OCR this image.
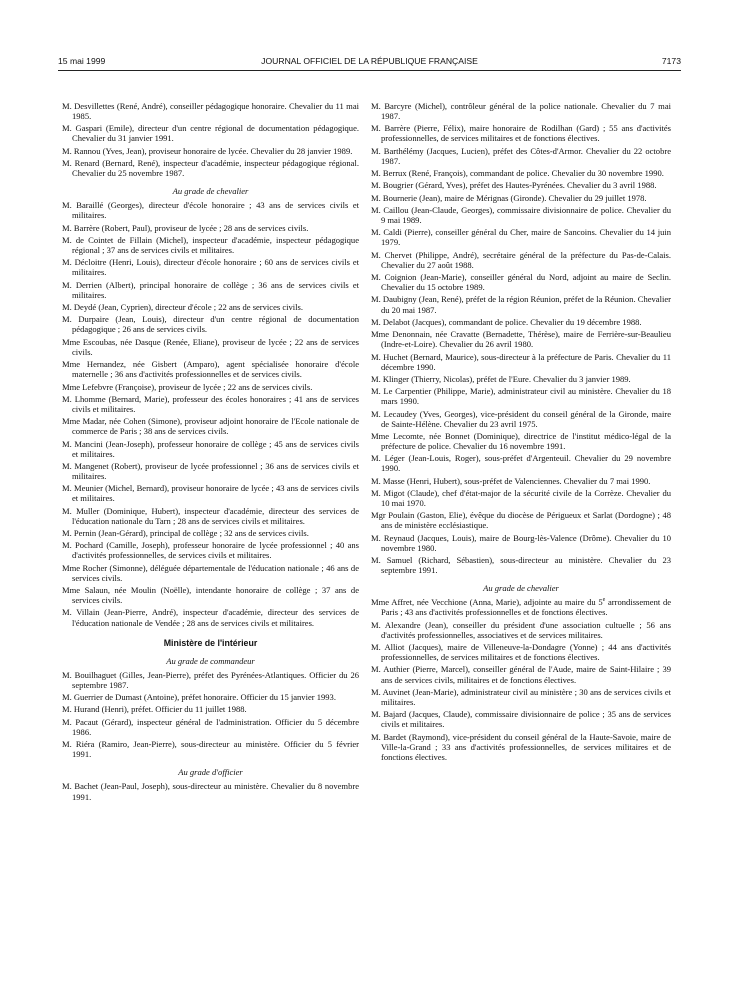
15 mai 1999	JOURNAL OFFICIEL DE LA RÉPUBLIQUE FRANÇAISE	7173

M. Desvillettes (René, André), conseiller pédagogique honoraire. Chevalier du 11 mai 1985.

M. Gaspari (Emile), directeur d'un centre régional de documentation pédagogique. Chevalier du 31 janvier 1991.

M. Rannou (Yves, Jean), proviseur honoraire de lycée. Chevalier du 28 janvier 1989.

M. Renard (Bernard, René), inspecteur d'académie, inspecteur pédagogique régional. Chevalier du 25 novembre 1987.

Au grade de chevalier

M. Baraillé (Georges), directeur d'école honoraire ; 43 ans de services civils et militaires.

M. Barrère (Robert, Paul), proviseur de lycée ; 28 ans de services civils.

M. de Cointet de Fillain (Michel), inspecteur d'académie, inspecteur pédagogique régional ; 37 ans de services civils et militaires.

M. Décloitre (Henri, Louis), directeur d'école honoraire ; 60 ans de services civils et militaires.

M. Derrien (Albert), principal honoraire de collège ; 36 ans de services civils et militaires.

M. Deydé (Jean, Cyprien), directeur d'école ; 22 ans de services civils.

M. Durpaire (Jean, Louis), directeur d'un centre régional de documentation pédagogique ; 26 ans de services civils.

Mme Escoubas, née Dasque (Renée, Eliane), proviseur de lycée ; 22 ans de services civils.

Mme Hernandez, née Gisbert (Amparo), agent spécialisée honoraire d'école maternelle ; 36 ans d'activités professionnelles et de services civils.

Mme Lefebvre (Françoise), proviseur de lycée ; 22 ans de services civils.

M. Lhomme (Bernard, Marie), professeur des écoles honoraires ; 41 ans de services civils et militaires.

Mme Madar, née Cohen (Simone), proviseur adjoint honoraire de l'Ecole nationale de commerce de Paris ; 38 ans de services civils.

M. Mancini (Jean-Joseph), professeur honoraire de collège ; 45 ans de services civils et militaires.

M. Mangenet (Robert), proviseur de lycée professionnel ; 36 ans de services civils et militaires.

M. Meunier (Michel, Bernard), proviseur honoraire de lycée ; 43 ans de services civils et militaires.

M. Muller (Dominique, Hubert), inspecteur d'académie, directeur des services de l'éducation nationale du Tarn ; 28 ans de services civils et militaires.

M. Pernin (Jean-Gérard), principal de collège ; 32 ans de services civils.

M. Pochard (Camille, Joseph), professeur honoraire de lycée professionnel ; 40 ans d'activités professionnelles, de services civils et militaires.

Mme Rocher (Simonne), déléguée départementale de l'éducation nationale ; 46 ans de services civils.

Mme Salaun, née Moulin (Noëlle), intendante honoraire de collège ; 37 ans de services civils.

M. Villain (Jean-Pierre, André), inspecteur d'académie, directeur des services de l'éducation nationale de Vendée ; 28 ans de services civils et militaires.

Ministère de l'intérieur
Au grade de commandeur

M. Bouilhaguet (Gilles, Jean-Pierre), préfet des Pyrénées-Atlantiques. Officier du 26 septembre 1987.

M. Guerrier de Dumast (Antoine), préfet honoraire. Officier du 15 janvier 1993.

M. Hurand (Henri), préfet. Officier du 11 juillet 1988.

M. Pacaut (Gérard), inspecteur général de l'administration. Officier du 5 décembre 1986.

M. Riéra (Ramiro, Jean-Pierre), sous-directeur au ministère. Officier du 5 février 1991.

Au grade d'officier

M. Bachet (Jean-Paul, Joseph), sous-directeur au ministère. Chevalier du 8 novembre 1991.

M. Barcyre (Michel), contrôleur général de la police nationale. Chevalier du 7 mai 1987.

M. Barrère (Pierre, Félix), maire honoraire de Rodilhan (Gard) ; 55 ans d'activités professionnelles, de services militaires et de fonctions électives.

M. Barthélémy (Jacques, Lucien), préfet des Côtes-d'Armor. Chevalier du 22 octobre 1987.

M. Berrux (René, François), commandant de police. Chevalier du 30 novembre 1990.

M. Bougrier (Gérard, Yves), préfet des Hautes-Pyrénées. Chevalier du 3 avril 1988.

M. Bournerie (Jean), maire de Mérignas (Gironde). Chevalier du 29 juillet 1978.

M. Caillou (Jean-Claude, Georges), commissaire divisionnaire de police. Chevalier du 9 mai 1989.

M. Caldi (Pierre), conseiller général du Cher, maire de Sancoins. Chevalier du 14 juin 1979.

M. Chervet (Philippe, André), secrétaire général de la préfecture du Pas-de-Calais. Chevalier du 27 août 1988.

M. Coignion (Jean-Marie), conseiller général du Nord, adjoint au maire de Seclin. Chevalier du 15 octobre 1989.

M. Daubigny (Jean, René), préfet de la région Réunion, préfet de la Réunion. Chevalier du 20 mai 1987.

M. Delabot (Jacques), commandant de police. Chevalier du 19 décembre 1988.

Mme Denonnain, née Cravatte (Bernadette, Thérèse), maire de Ferrière-sur-Beaulieu (Indre-et-Loire). Chevalier du 26 avril 1980.

M. Huchet (Bernard, Maurice), sous-directeur à la préfecture de Paris. Chevalier du 11 décembre 1990.

M. Klinger (Thierry, Nicolas), préfet de l'Eure. Chevalier du 3 janvier 1989.

M. Le Carpentier (Philippe, Marie), administrateur civil au ministère. Chevalier du 18 mars 1990.

M. Lecaudey (Yves, Georges), vice-président du conseil général de la Gironde, maire de Sainte-Hélène. Chevalier du 23 avril 1975.

Mme Lecomte, née Bonnet (Dominique), directrice de l'institut médico-légal de la préfecture de police. Chevalier du 16 novembre 1991.

M. Léger (Jean-Louis, Roger), sous-préfet d'Argenteuil. Chevalier du 29 novembre 1990.

M. Masse (Henri, Hubert), sous-préfet de Valenciennes. Chevalier du 7 mai 1990.

M. Migot (Claude), chef d'état-major de la sécurité civile de la Corrèze. Chevalier du 10 mai 1970.

Mgr Poulain (Gaston, Elie), évêque du diocèse de Périgueux et Sarlat (Dordogne) ; 48 ans de ministère ecclésiastique.

M. Reynaud (Jacques, Louis), maire de Bourg-lès-Valence (Drôme). Chevalier du 10 novembre 1980.

M. Samuel (Richard, Sébastien), sous-directeur au ministère. Chevalier du 23 septembre 1991.

Au grade de chevalier

Mme Affret, née Vecchione (Anna, Marie), adjointe au maire du 5e arrondissement de Paris ; 43 ans d'activités professionnelles et de fonctions électives.

M. Alexandre (Jean), conseiller du président d'une association cultuelle ; 56 ans d'activités professionnelles, associatives et de services militaires.

M. Alliot (Jacques), maire de Villeneuve-la-Dondagre (Yonne) ; 44 ans d'activités professionnelles, de services militaires et de fonctions électives.

M. Authier (Pierre, Marcel), conseiller général de l'Aude, maire de Saint-Hilaire ; 39 ans de services civils, militaires et de fonctions électives.

M. Auvinet (Jean-Marie), administrateur civil au ministère ; 30 ans de services civils et militaires.

M. Bajard (Jacques, Claude), commissaire divisionnaire de police ; 35 ans de services civils et militaires.

M. Bardet (Raymond), vice-président du conseil général de la Haute-Savoie, maire de Ville-la-Grand ; 33 ans d'activités professionnelles, de services militaires et de fonctions électives.
